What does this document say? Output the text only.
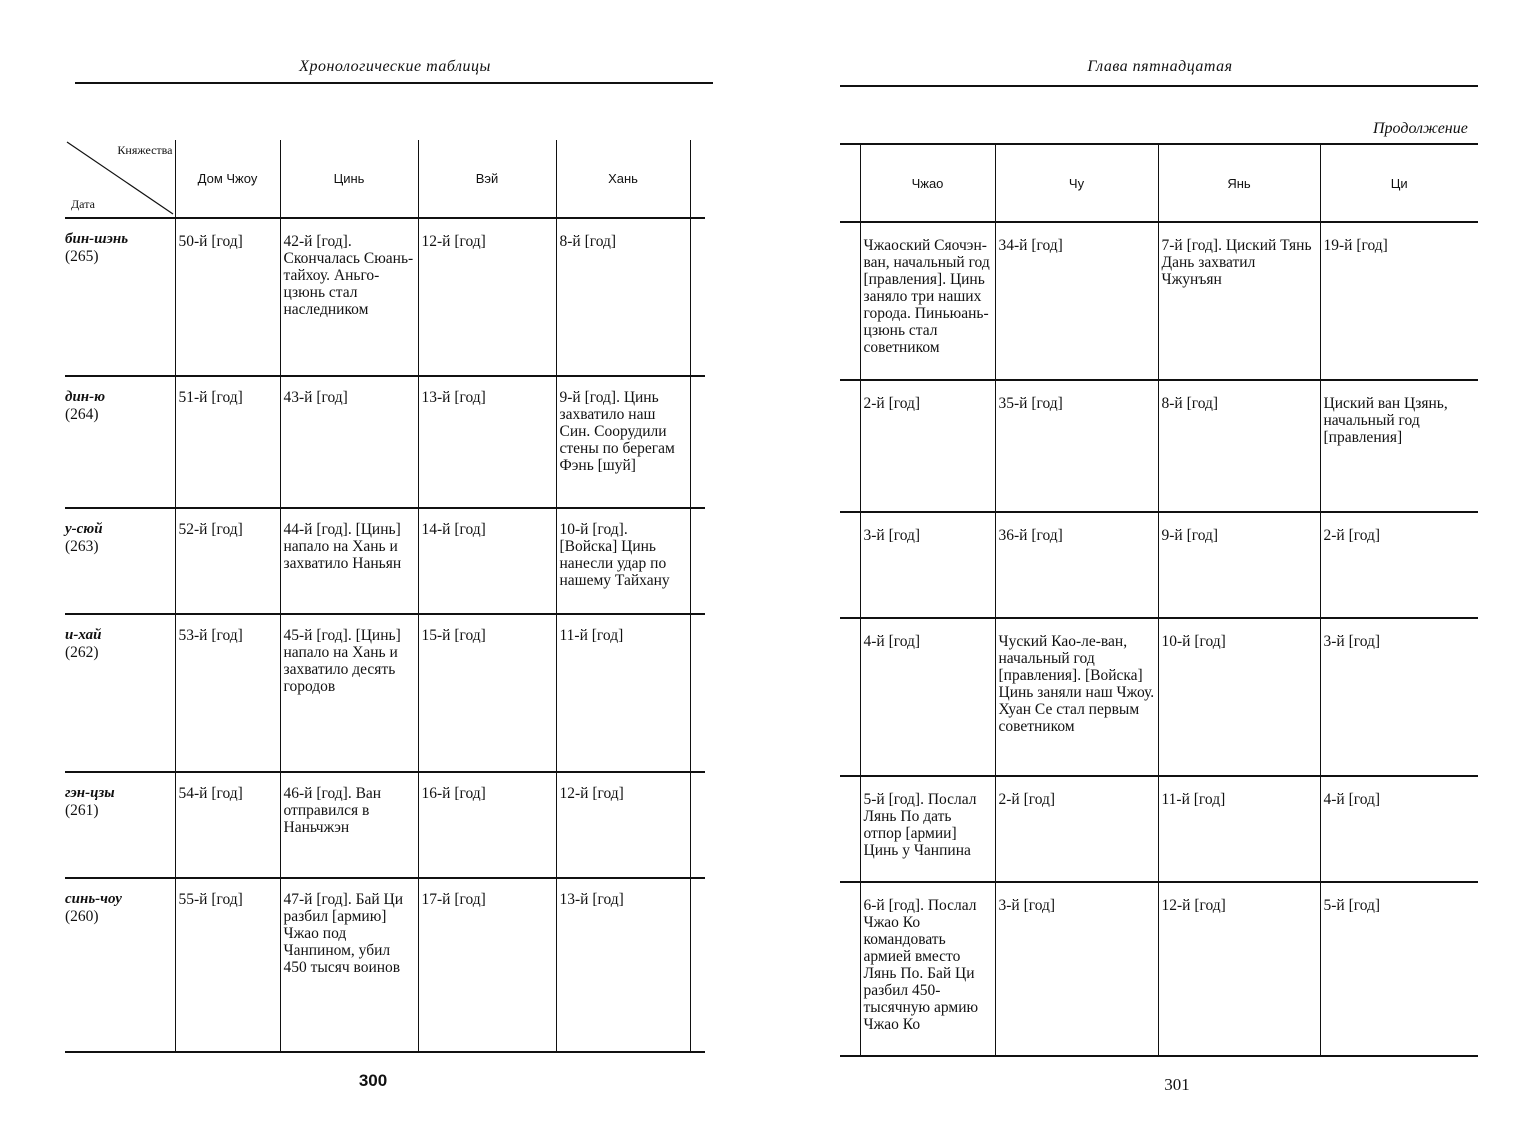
Хронологические таблицы
Княжества
Дата	Дом Чжоу	Цинь	Вэй	Хань	

бин-шэнь
(265)	50-й [год]	42-й [год]. Скончалась Сюань-тайхоу. Аньго-цзюнь стал наследником	12-й [год]	8-й [год]	

дин-ю
(264)	51-й [год]	43-й [год]	13-й [год]	9-й [год]. Цинь захватило наш Син. Соорудили стены по берегам Фэнь [шуй]	

у-сюй
(263)	52-й [год]	44-й [год]. [Цинь] напало на Хань и захватило Наньян	14-й [год]	10-й [год]. [Войска] Цинь нанесли удар по нашему Тайхану	

и-хай
(262)	53-й [год]	45-й [год]. [Цинь] напало на Хань и захватило десять городов	15-й [год]	11-й [год]	

гэн-цзы
(261)	54-й [год]	46-й [год]. Ван отправился в Наньчжэн	16-й [год]	12-й [год]	

синь-чоу
(260)	55-й [год]	47-й [год]. Бай Ци разбил [армию] Чжао под Чанпином, убил 450 тысяч воинов	17-й [год]	13-й [год]	

300
Глава пятнадцатая
Продолжение
	Чжао	Чу	Янь	Ци

	Чжаоский Сяочэн-ван, начальный год [правления]. Цинь заняло три наших города. Пиньюань-цзюнь стал советником	34-й [год]	7-й [год]. Циский Тянь Дань захватил Чжунъян	19-й [год]

	2-й [год]	35-й [год]	8-й [год]	Циский ван Цзянь, начальный год [правления]

	3-й [год]	36-й [год]	9-й [год]	2-й [год]

	4-й [год]	Чуский Као-ле-ван, начальный год [правления]. [Войска] Цинь заняли наш Чжоу. Хуан Се стал первым советником	10-й [год]	3-й [год]

	5-й [год]. Послал Лянь По дать отпор [армии] Цинь у Чанпина	2-й [год]	11-й [год]	4-й [год]

	6-й [год]. Послал Чжао Ко командовать армией вместо Лянь По. Бай Ци разбил 450-тысячную армию Чжао Ко	3-й [год]	12-й [год]	5-й [год]
301
